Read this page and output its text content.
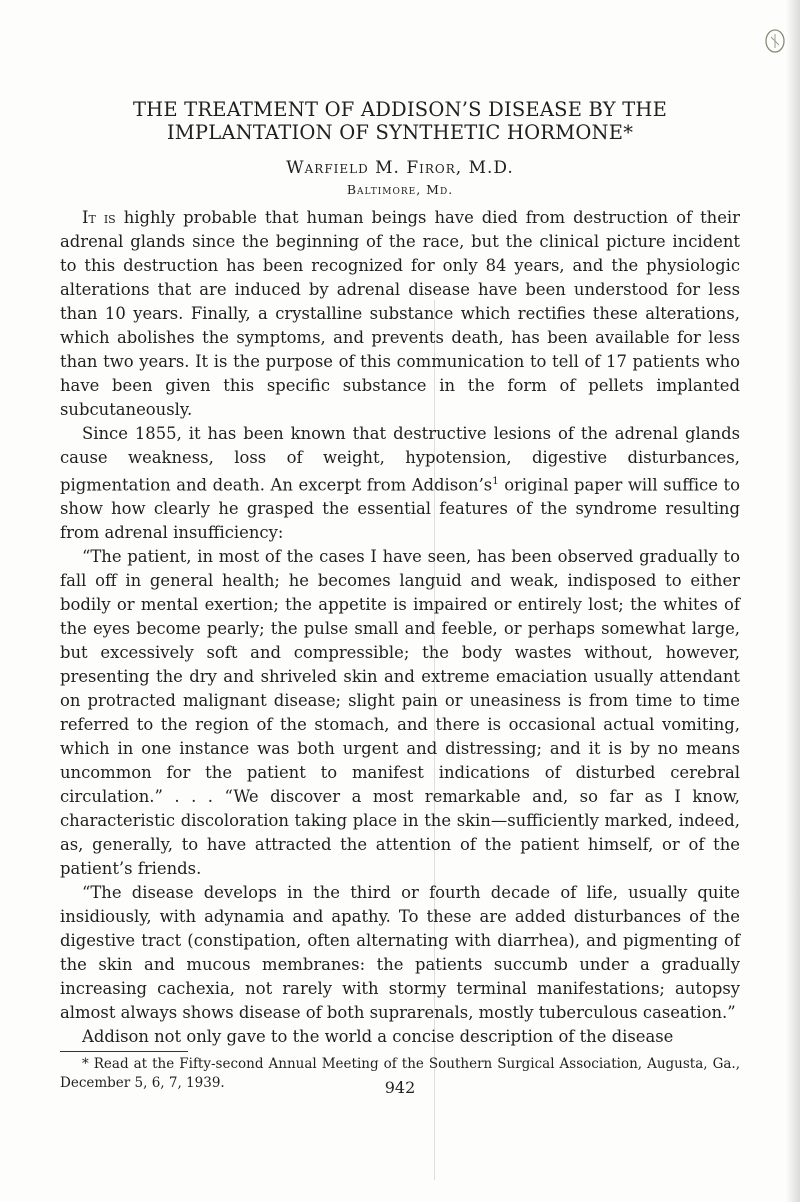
THE TREATMENT OF ADDISON’S DISEASE BY THE
IMPLANTATION OF SYNTHETIC HORMONE*
Warfield M. Firor, M.D.
Baltimore, Md.

It is highly probable that human beings have died from destruction of their adrenal glands since the beginning of the race, but the clinical picture incident to this destruction has been recognized for only 84 years, and the physiologic alterations that are induced by adrenal disease have been understood for less than 10 years. Finally, a crystalline substance which rectifies these alterations, which abolishes the symptoms, and prevents death, has been available for less than two years. It is the purpose of this communication to tell of 17 patients who have been given this specific substance in the form of pellets implanted subcutaneously.

Since 1855, it has been known that destructive lesions of the adrenal glands cause weakness, loss of weight, hypotension, digestive disturbances, pigmentation and death. An excerpt from $Addison’s^1$ original paper will suffice to show how clearly he grasped the essential features of the syndrome resulting from adrenal insufficiency:

“The patient, in most of the cases I have seen, has been observed gradually to fall off in general health; he becomes languid and weak, indisposed to either bodily or mental exertion; the appetite is impaired or entirely lost; the whites of the eyes become pearly; the pulse small and feeble, or perhaps somewhat large, but excessively soft and compressible; the body wastes without, however, presenting the dry and shriveled skin and extreme emaciation usually attendant on protracted malignant disease; slight pain or uneasiness is from time to time referred to the region of the stomach, and there is occasional actual vomiting, which in one instance was both urgent and distressing; and it is by no means uncommon for the patient to manifest indications of disturbed cerebral circulation.” . . . “We discover a most remarkable and, so far as I know, characteristic discoloration taking place in the skin—sufficiently marked, indeed, as, generally, to have attracted the attention of the patient himself, or of the patient’s friends.

“The disease develops in the third or fourth decade of life, usually quite insidiously, with adynamia and apathy. To these are added disturbances of the digestive tract (constipation, often alternating with diarrhea), and pigmenting of the skin and mucous membranes: the patients succumb under a gradually increasing cachexia, not rarely with stormy terminal manifestations; autopsy almost always shows disease of both suprarenals, mostly tuberculous caseation.”

Addison not only gave to the world a concise description of the disease

* Read at the Fifty-second Annual Meeting of the Southern Surgical Association, Augusta, Ga., December 5, 6, 7, 1939.	942
